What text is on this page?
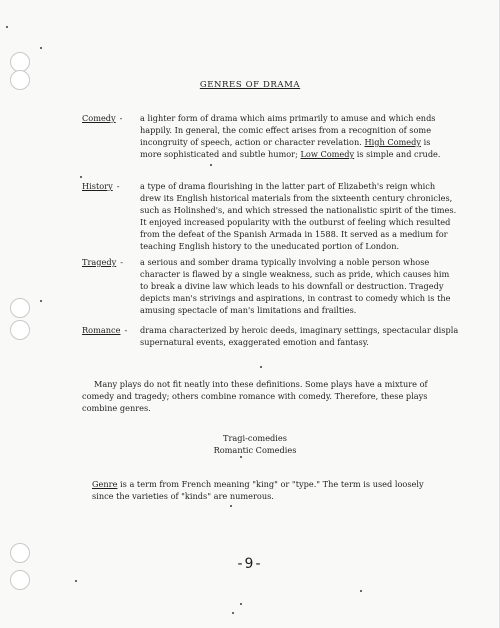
GENRES OF DRAMA
Comedy -	a lighter form of drama which aims primarily to amuse and which ends
happily. In general, the comic effect arises from a recognition of some
incongruity of speech, action or character revelation. High Comedy is
more sophisticated and subtle humor; Low Comedy is simple and crude.
History -	a type of drama flourishing in the latter part of Elizabeth's reign which
drew its English historical materials from the sixteenth century chronicles,
such as Holinshed's, and which stressed the nationalistic spirit of the times.
It enjoyed increased popularity with the outburst of feeling which resulted
from the defeat of the Spanish Armada in 1588. It served as a medium for
teaching English history to the uneducated portion of London.
Tragedy -	a serious and somber drama typically involving a noble person whose
character is flawed by a single weakness, such as pride, which causes him
to break a divine law which leads to his downfall or destruction. Tragedy
depicts man's strivings and aspirations, in contrast to comedy which is the
amusing spectacle of man's limitations and frailties.
Romance -	drama characterized by heroic deeds, imaginary settings, spectacular displa
supernatural events, exaggerated emotion and fantasy.
Many plays do not fit neatly into these definitions. Some plays have a mixture of
comedy and tragedy; others combine romance with comedy. Therefore, these plays
combine genres.
Tragi-comedies
Romantic Comedies
Genre is a term from French meaning "king" or "type." The term is used loosely
since the varieties of "kinds" are numerous.
-9-
